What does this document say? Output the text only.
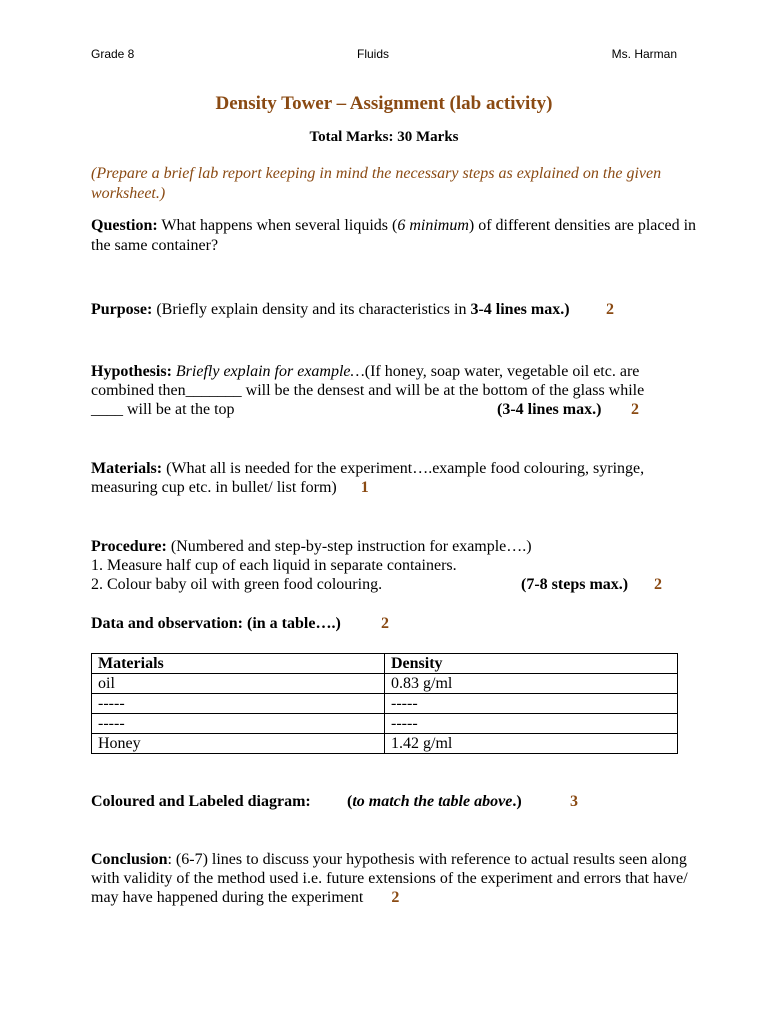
Grade 8	Fluids	Ms. Harman
Density Tower – Assignment (lab activity)
Total Marks: 30 Marks
(Prepare a brief lab report keeping in mind the necessary steps as explained on the given worksheet.)
Question: What happens when several liquids (6 minimum) of different densities are placed in the same container?
Purpose: (Briefly explain density and its characteristics in 3-4 lines max.) 2
Hypothesis: Briefly explain for example…(If honey, soap water, vegetable oil etc. are
combined then_______ will be the densest and will be at the bottom of the glass while
____ will be at the top	(3-4 lines max.) 2
Materials: (What all is needed for the experiment….example food colouring, syringe,
measuring cup etc. in bullet/ list form) 1
Procedure: (Numbered and step-by-step instruction for example….)
1. Measure half cup of each liquid in separate containers.
2. Colour baby oil with green food colouring.	(7-8 steps max.) 2
Data and observation: (in a table….)	2
Materials	Density
oil	0.83 g/ml
-----	-----
-----	-----
Honey	1.42 g/ml
Coloured and Labeled diagram: (to match the table above.)	3
Conclusion: (6-7) lines to discuss your hypothesis with reference to actual results seen along
with validity of the method used i.e. future extensions of the experiment and errors that have/
may have happened during the experiment 2
